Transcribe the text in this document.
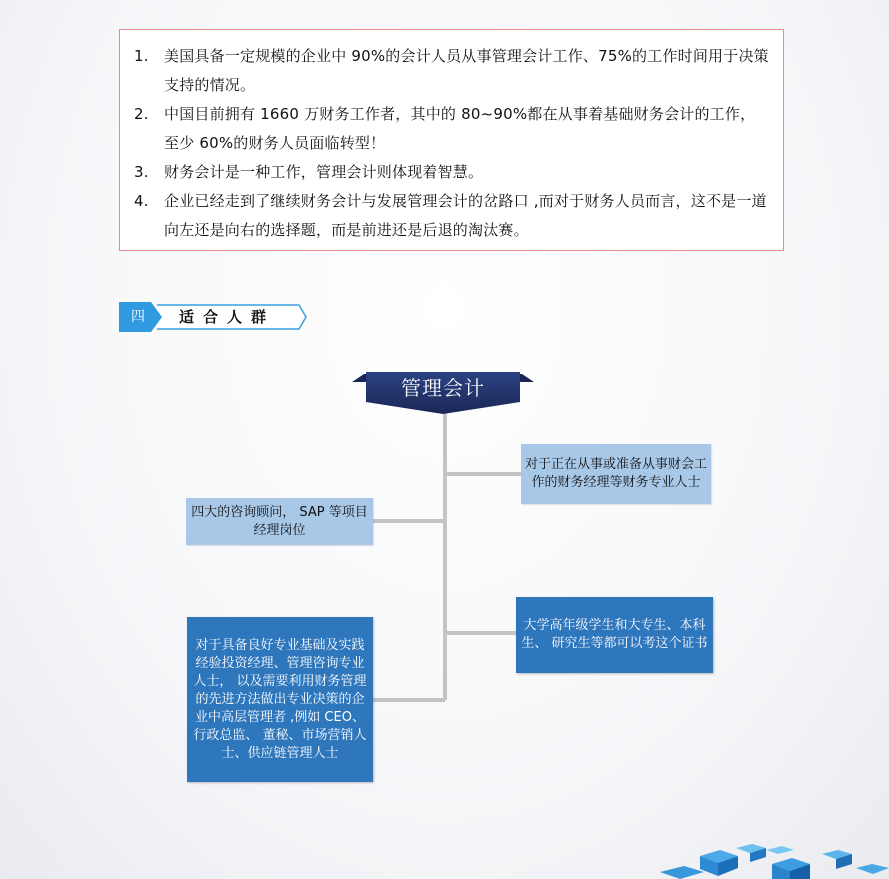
1.	美国具备一定规模的企业中 90%的会计人员从事管理会计工作、75%的工作时间用于决策支持的情况。
2.	中国目前拥有 1660 万财务工作者，其中的 80~90%都在从事着基础财务会计的工作，至少 60%的财务人员面临转型！
3.	财务会计是一种工作，管理会计则体现着智慧。
4.	企业已经走到了继续财务会计与发展管理会计的岔路口 ,而对于财务人员而言，这不是一道向左还是向右的选择题，而是前进还是后退的淘汰赛。
四	适合人群
管理会计
对于正在从事或准备从事财会工作的财务经理等财务专业人士
四大的咨询顾问， SAP 等项目经理岗位
大学高年级学生和大专生、本科生、 研究生等都可以考这个证书
对于具备良好专业基础及实践经验投资经理、管理咨询专业人士， 以及需要利用财务管理的先进方法做出专业决策的企业中高层管理者 ,例如 CEO、 行政总监、 董秘、市场营销人士、供应链管理人士
